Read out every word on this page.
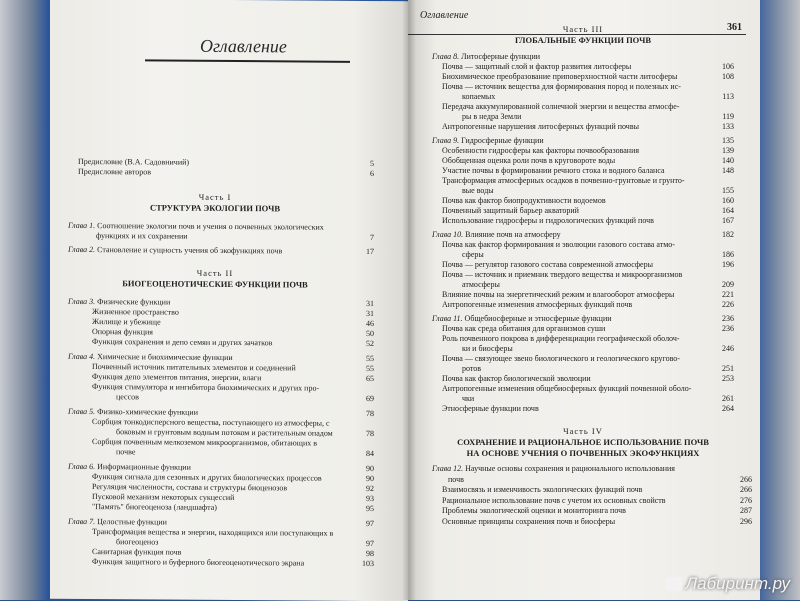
Оглавление
Предисловие (В.А. Садовничий)	5
Предисловие авторов	6
Часть I
СТРУКТУРА ЭКОЛОГИИ ПОЧВ
Глава 1. Соотношение экологии почв и учения о почвенных экологических
функциях и их сохранении	7
Глава 2. Становление и сущность учения об экофункциях почв	17
Часть II
БИОГЕОЦЕНОТИЧЕСКИЕ ФУНКЦИИ ПОЧВ
Глава 3. Физические функции	31
Жизненное пространство	31
Жилище и убежище	46
Опорная функция	50
Функция сохранения и депо семян и других зачатков	52
Глава 4. Химические и биохимические функции	55
Почвенный источник питательных элементов и соединений	55
Функция депо элементов питания, энергии, влаги	65
Функция стимулятора и ингибитора биохимических и других про-
цессов	69
Глава 5. Физико-химические функции	78
Сорбция тонкодисперсного вещества, поступающего из атмосферы, с
боковым и грунтовым водным потоком и растительным опадом	78
Сорбция почвенным мелкоземом микроорганизмов, обитающих в
почве	84
Глава 6. Информационные функции	90
Функция сигнала для сезонных и других биологических процессов	90
Регуляция численности, состава и структуры биоценозов	92
Пусковой механизм некоторых сукцессий	93
"Память" биогеоценоза (ландшафта)	95
Глава 7. Целостные функции	97
Трансформация вещества и энергии, находящихся или поступающих в
биогеоценоз	97
Санитарная функция почв	98
Функция защитного и буферного биогеоценотического экрана	103
Оглавление
361
Часть III
ГЛОБАЛЬНЫЕ ФУНКЦИИ ПОЧВ
Глава 8. Литосферные функции
Почва — защитный слой и фактор развития литосферы	106
Биохимическое преобразование приповерхностной части литосферы	108
Почва — источник вещества для формирования пород и полезных ис-
копаемых	113
Передача аккумулированной солнечной энергии и вещества атмосфе-
ры в недра Земли	119
Антропогенные нарушения литосферных функций почвы	133
Глава 9. Гидросферные функции	135
Особенности гидросферы как факторы почвообразования	139
Обобщенная оценка роли почв в круговороте воды	140
Участие почвы в формировании речного стока и водного баланса	148
Трансформация атмосферных осадков в почвенно-грунтовые и грунто-
вые воды	155
Почва как фактор биопродуктивности водоемов	160
Почвенный защитный барьер акваторий	164
Использование гидросферы и гидрологических функций почв	167
Глава 10. Влияние почв на атмосферу	182
Почва как фактор формирования и эволюции газового состава атмо-
сферы	186
Почва — регулятор газового состава современной атмосферы	196
Почва — источник и приемник твердого вещества и микроорганизмов
атмосферы	209
Влияние почвы на энергетический режим и влагооборот атмосферы	221
Антропогенные изменения атмосферных функций почв	226
Глава 11. Общебиосферные и этносферные функции	236
Почва как среда обитания для организмов суши	236
Роль почвенного покрова в дифференциации географической оболоч-
ки и биосферы	246
Почва — связующее звено биологического и геологического кругово-
ротов	251
Почва как фактор биологической эволюции	253
Антропогенные изменения общебиосферных функций почвенной оболо-
чки	261
Этносферные функции почв	264
Часть IV
СОХРАНЕНИЕ И РАЦИОНАЛЬНОЕ ИСПОЛЬЗОВАНИЕ ПОЧВ
НА ОСНОВЕ УЧЕНИЯ О ПОЧВЕННЫХ ЭКОФУНКЦИЯХ
Глава 12. Научные основы сохранения и рационального использования
почв	266
Взаимосвязь и изменчивость экологических функций почв	266
Рациональное использование почв с учетом их основных свойств	276
Проблемы экологической оценки и мониторинга почв	287
Основные принципы сохранения почв и биосферы	296
Лабиринт.ру
